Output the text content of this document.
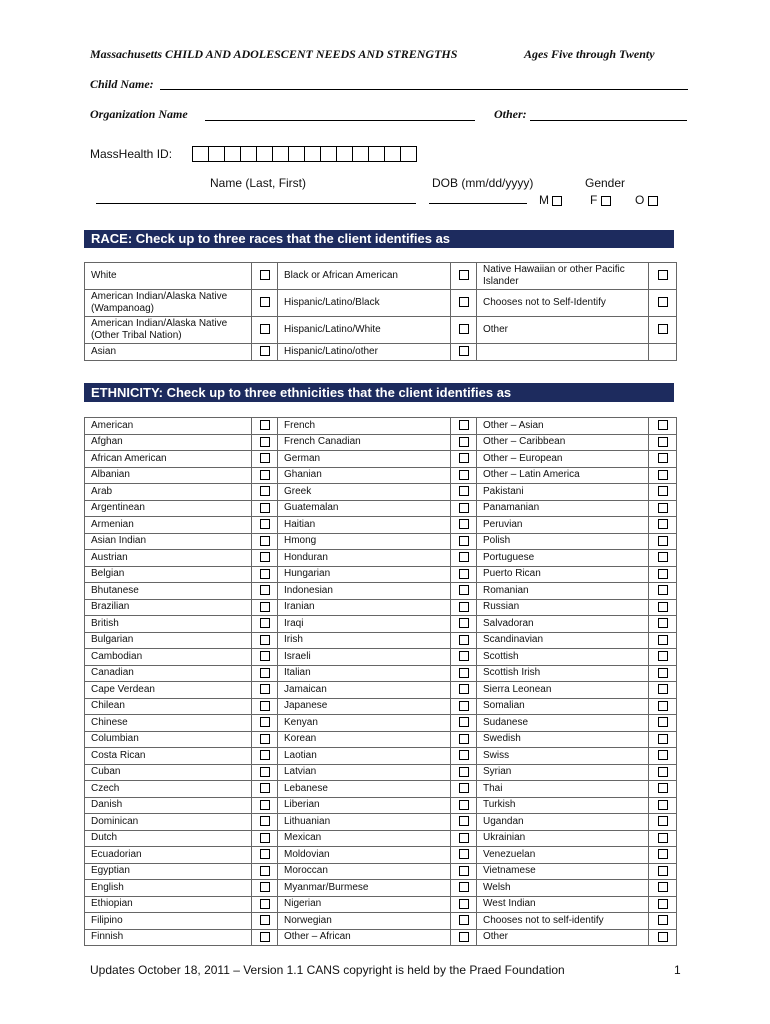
Massachusetts CHILD AND ADOLESCENT NEEDS AND STRENGTHS	Ages Five through Twenty
Child Name:
Organization Name	Other:
MassHealth ID:
Name (Last, First)	DOB (mm/dd/yyyy)	Gender
M	F	O
RACE: Check up to three races that the client identifies as
White		Black or African American		Native Hawaiian or other Pacific Islander	
American Indian/Alaska Native (Wampanoag)		Hispanic/Latino/Black		Chooses not to Self-Identify	
American Indian/Alaska Native (Other Tribal Nation)		Hispanic/Latino/White		Other	
Asian		Hispanic/Latino/other			
ETHNICITY: Check up to three ethnicities that the client identifies as
American		French		Other – Asian	
Afghan		French Canadian		Other – Caribbean	
African American		German		Other – European	
Albanian		Ghanian		Other – Latin America	
Arab		Greek		Pakistani	
Argentinean		Guatemalan		Panamanian	
Armenian		Haitian		Peruvian	
Asian Indian		Hmong		Polish	
Austrian		Honduran		Portuguese	
Belgian		Hungarian		Puerto Rican	
Bhutanese		Indonesian		Romanian	
Brazilian		Iranian		Russian	
British		Iraqi		Salvadoran	
Bulgarian		Irish		Scandinavian	
Cambodian		Israeli		Scottish	
Canadian		Italian		Scottish Irish	
Cape Verdean		Jamaican		Sierra Leonean	
Chilean		Japanese		Somalian	
Chinese		Kenyan		Sudanese	
Columbian		Korean		Swedish	
Costa Rican		Laotian		Swiss	
Cuban		Latvian		Syrian	
Czech		Lebanese		Thai	
Danish		Liberian		Turkish	
Dominican		Lithuanian		Ugandan	
Dutch		Mexican		Ukrainian	
Ecuadorian		Moldovian		Venezuelan	
Egyptian		Moroccan		Vietnamese	
English		Myanmar/Burmese		Welsh	
Ethiopian		Nigerian		West Indian	
Filipino		Norwegian		Chooses not to self-identify	
Finnish		Other – African		Other	
Updates October 18, 2011 – Version 1.1 CANS copyright is held by the Praed Foundation	1
